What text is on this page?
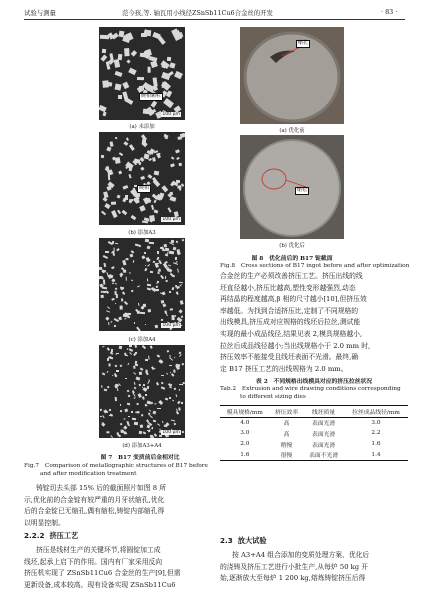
试验与测量	范今孩,等. 轴瓦用小线径ZSnSb11Cu6合金丝的开发	· 83 ·
硬相颗粒
100 µm
(a) 未添加
硬相
100 µm
(b) 添加A3
100 µm
(c) 添加A4
100 µm
(d) 添加A3+A4
图 7　B17 变质前后金相对比
Fig.7　Comparison of metallographic structures of B17 before
and after modification treatment
铸锭切去头部 15% 后的截面照片如图 8 所
示,优化前的合金锭有较严重的月牙状缩孔,优化
后的合金锭已无缩孔,偶有缩松,铸锭内部缩孔得
以明显控制。
2.2.2 挤压工艺
挤压是线材生产的关键环节,将圆锭加工成
线坯,起承上启下的作用。国内有厂家采用反向
挤压机实现了 ZSnSb11Cu6 合金丝的生产[9],但需
更新设备,成本较高。现有设备实现 ZSnSb11Cu6
缩孔
(a) 优化前
缩松
(b) 优化后
图 8　优化前后的 B17 锭截面
Fig.8　Cross sections of B17 ingot before and after optimization
合金丝的生产必须改善挤压工艺。挤压出线的线
坯直径越小,挤压比越高,塑性变形越强烈,动态
再结晶的程度越高,β 相的尺寸越小[10],但挤压效
率越低。为找到合适挤压比,定制了不同规格的
出线模具,挤压成对应规格的线坯后拉丝,测试能
实现的最小成品线径,结果见表 2,模具规格越小,
拉丝后成品线径越小;当出线规格小于 2.0 mm 时,
挤压效率不能接受且线坯表面不光滑。最终,确
定 B17 挤压工艺的出线规格为 2.0 mm。
表 2　不同规格出线模具对应的挤压拉丝状况
Tab.2　Extrusion and wire drawing conditions corresponding
to different sizing dies
模具规格/mm	挤压效率	线坯质量	拉丝成品线径/mm
4.0	高	表面光滑	3.0
3.0	高	表面光滑	2.2
2.0	稍慢	表面光滑	1.6
1.6	很慢	表面不光滑	1.4
2.3 放大试验
按 A3+A4 组合添加的变质处理方案、优化后
的浇铸及挤压工艺进行小批生产,从每炉 50 kg 开
始,逐渐放大至每炉 1 200 kg,熔炼铸锭挤压后得
